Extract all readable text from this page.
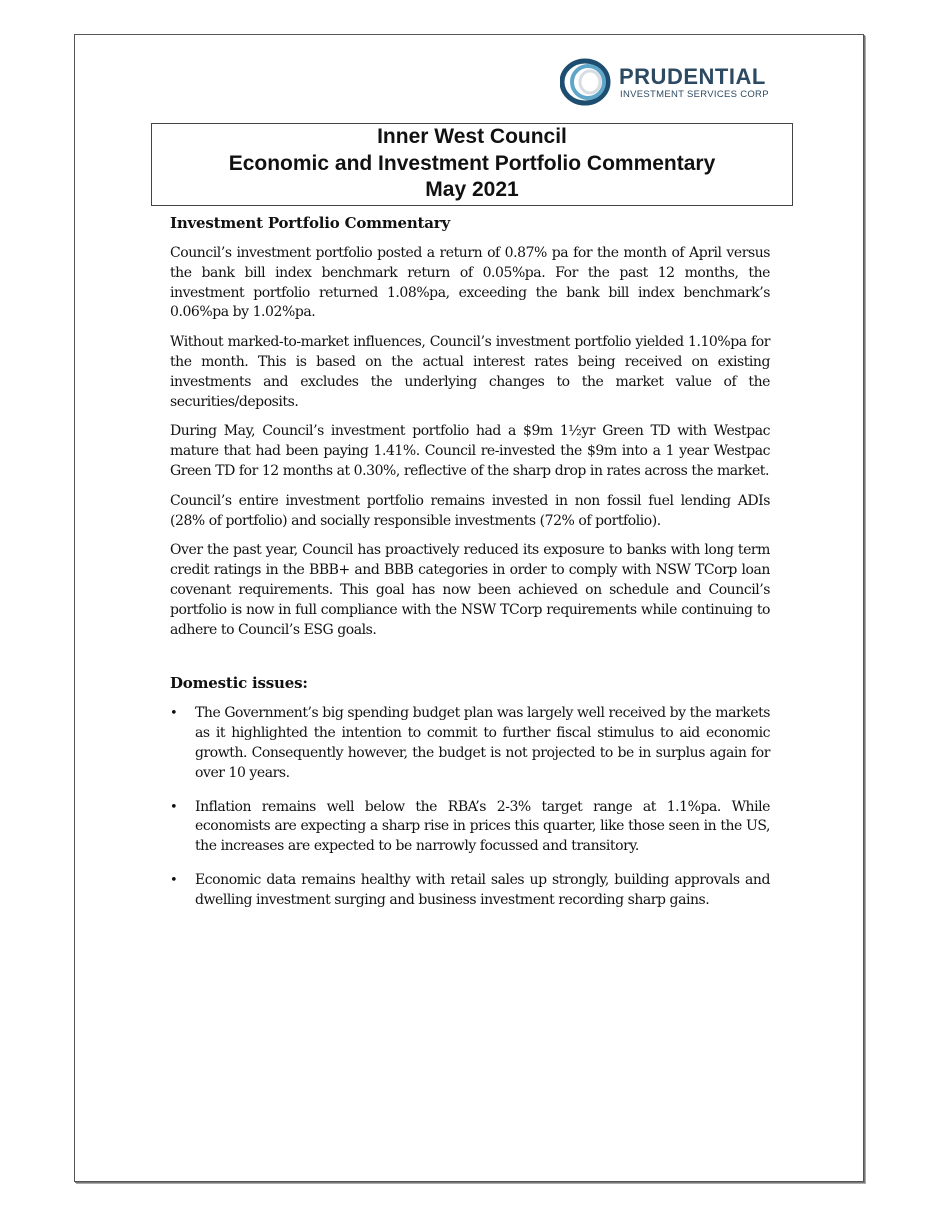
PRUDENTIAL
INVESTMENT SERVICES CORP
Inner West Council
Economic and Investment Portfolio Commentary
May 2021
Investment Portfolio Commentary

Council’s investment portfolio posted a return of 0.87% pa for the month of April versus the bank bill index benchmark return of 0.05%pa. For the past 12 months, the investment portfolio returned 1.08%pa, exceeding the bank bill index benchmark’s 0.06%pa by 1.02%pa.

Without marked-to-market influences, Council’s investment portfolio yielded 1.10%pa for the month. This is based on the actual interest rates being received on existing investments and excludes the underlying changes to the market value of the securities/deposits.

During May, Council’s investment portfolio had a $9m 1½yr Green TD with Westpac mature that had been paying 1.41%. Council re-invested the $9m into a 1 year Westpac Green TD for 12 months at 0.30%, reflective of the sharp drop in rates across the market.

Council’s entire investment portfolio remains invested in non fossil fuel lending ADIs (28% of portfolio) and socially responsible investments (72% of portfolio).

Over the past year, Council has proactively reduced its exposure to banks with long term credit ratings in the BBB+ and BBB categories in order to comply with NSW TCorp loan covenant requirements. This goal has now been achieved on schedule and Council’s portfolio is now in full compliance with the NSW TCorp requirements while continuing to adhere to Council’s ESG goals.

Domestic issues:
• The Government’s big spending budget plan was largely well received by the markets as it highlighted the intention to commit to further fiscal stimulus to aid economic growth. Consequently however, the budget is not projected to be in surplus again for over 10 years.
• Inflation remains well below the RBA’s 2-3% target range at 1.1%pa. While economists are expecting a sharp rise in prices this quarter, like those seen in the US, the increases are expected to be narrowly focussed and transitory.
• Economic data remains healthy with retail sales up strongly, building approvals and dwelling investment surging and business investment recording sharp gains.
